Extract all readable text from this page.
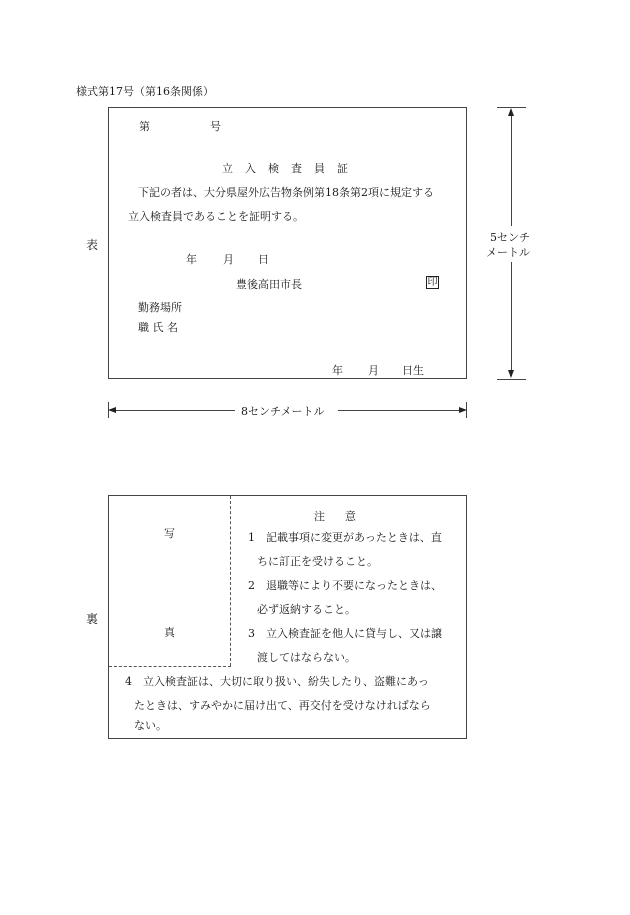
様式第17号（第16条関係）
表
第	号
立入検査員証
下記の者は、大分県屋外広告物条例第18条第2項に規定する
立入検査員であることを証明する。
年 月 日
豊後高田市長	印
勤務場所
職 氏 名
年 月 日生
5センチ
メートル
8センチメートル
裏
写
真
注意
1　記載事項に変更があったときは、直
ちに訂正を受けること。
2　退職等により不要になったときは、
必ず返納すること。
3　立入検査証を他人に貸与し、又は譲
渡してはならない。
4　立入検査証は、大切に取り扱い、紛失したり、盗難にあっ
たときは、すみやかに届け出て、再交付を受けなければなら
ない。
